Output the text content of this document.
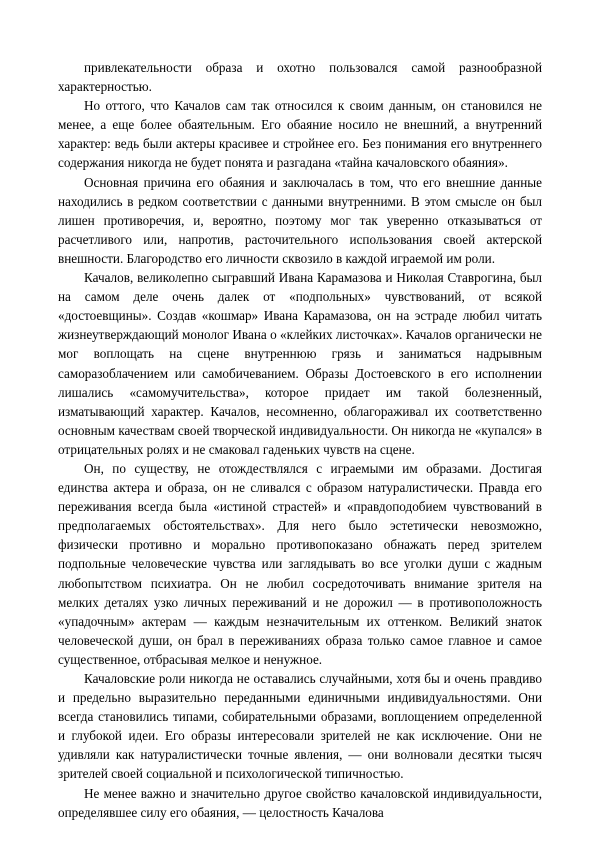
привлекательности образа и охотно пользовался самой разнообразной характерностью.

Но оттого, что Качалов сам так относился к своим данным, он становился не менее, а еще более обаятельным. Его обаяние носило не внешний, а внутренний характер: ведь были актеры красивее и стройнее его. Без понимания его внутреннего содержания никогда не будет понята и разгадана «тайна качаловского обаяния».

Основная причина его обаяния и заключалась в том, что его внешние данные находились в редком соответствии с данными внутренними. В этом смысле он был лишен противоречия, и, вероятно, поэтому мог так уверенно отказываться от расчетливого или, напротив, расточительного использования своей актерской внешности. Благородство его личности сквозило в каждой играемой им роли.

Качалов, великолепно сыгравший Ивана Карамазова и Николая Ставрогина, был на самом деле очень далек от «подпольных» чувствований, от всякой «достоевщины». Создав «кошмар» Ивана Карамазова, он на эстраде любил читать жизнеутверждающий монолог Ивана о «клейких листочках». Качалов органически не мог воплощать на сцене внутреннюю грязь и заниматься надрывным саморазоблачением или самобичеванием. Образы Достоевского в его исполнении лишались «самомучительства», которое придает им такой болезненный, изматывающий характер. Качалов, несомненно, облагораживал их соответственно основным качествам своей творческой индивидуальности. Он никогда не «купался» в отрицательных ролях и не смаковал гаденьких чувств на сцене.

Он, по существу, не отождествлялся с играемыми им образами. Достигая единства актера и образа, он не сливался с образом натуралистически. Правда его переживания всегда была «истиной страстей» и «правдоподобием чувствований в предполагаемых обстоятельствах». Для него было эстетически невозможно, физически противно и морально противопоказано обнажать перед зрителем подпольные человеческие чувства или заглядывать во все уголки души с жадным любопытством психиатра. Он не любил сосредоточивать внимание зрителя на мелких деталях узко личных переживаний и не дорожил — в противоположность «упадочным» актерам — каждым незначительным их оттенком. Великий знаток человеческой души, он брал в переживаниях образа только самое главное и самое существенное, отбрасывая мелкое и ненужное.

Качаловские роли никогда не оставались случайными, хотя бы и очень правдиво и предельно выразительно переданными единичными индивидуальностями. Они всегда становились типами, собирательными образами, воплощением определенной и глубокой идеи. Его образы интересовали зрителей не как исключение. Они не удивляли как натуралистически точные явления, — они волновали десятки тысяч зрителей своей социальной и психологической типичностью.

Не менее важно и значительно другое свойство качаловской индивидуальности, определявшее силу его обаяния, — целостность Качалова
